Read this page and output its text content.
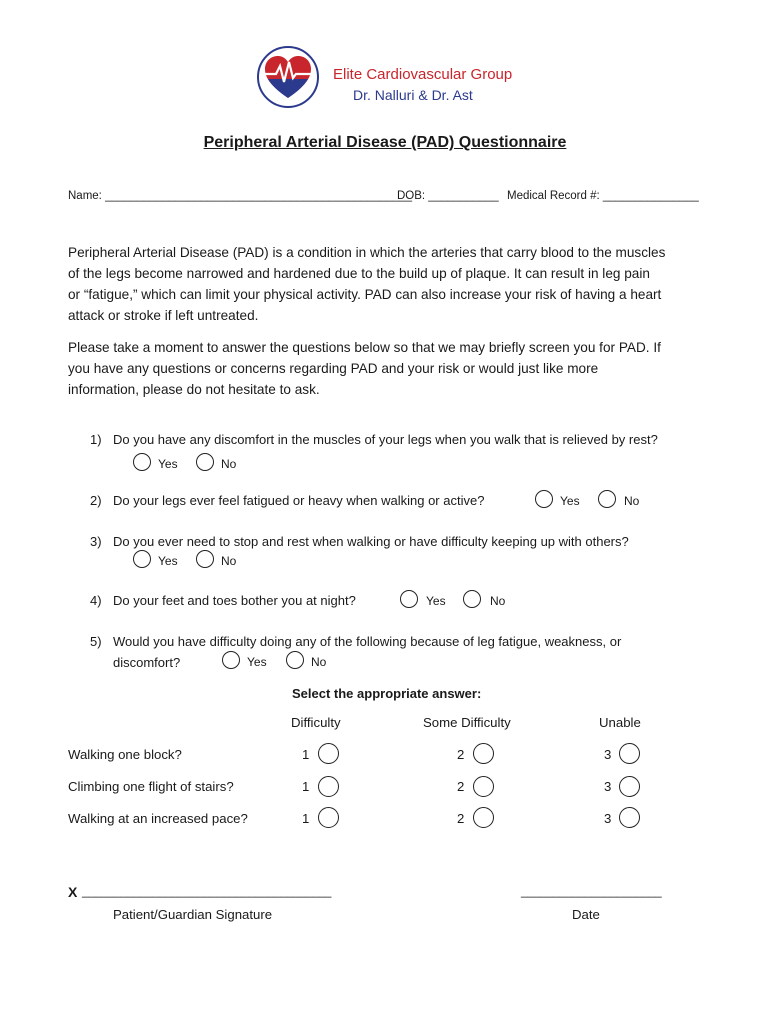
Elite Cardiovascular Group
Dr. Nalluri & Dr. Ast
Peripheral Arterial Disease (PAD) Questionnaire
Name: ________________________________________________
DOB: ___________ Medical Record #: _______________
Peripheral Arterial Disease (PAD) is a condition in which the arteries that carry blood to the muscles
of the legs become narrowed and hardened due to the build up of plaque. It can result in leg pain
or “fatigue,” which can limit your physical activity. PAD can also increase your risk of having a heart
attack or stroke if left untreated.
Please take a moment to answer the questions below so that we may briefly screen you for PAD. If
you have any questions or concerns regarding PAD and your risk or would just like more
information, please do not hesitate to ask.
1) Do you have any discomfort in the muscles of your legs when you walk that is relieved by rest?
Yes	No
2) Do your legs ever feel fatigued or heavy when walking or active?	Yes	No
3) Do you ever need to stop and rest when walking or have difficulty keeping up with others?
Yes	No
4) Do your feet and toes bother you at night?	Yes	No
5) Would you have difficulty doing any of the following because of leg fatigue, weakness, or
discomfort?	Yes	No
Select the appropriate answer:
Difficulty	Some Difficulty	Unable
Walking one block?	1	2	3
Climbing one flight of stairs?	1	2	3
Walking at an increased pace?	1	2	3
X _______________________________________
Patient/Guardian Signature
______________________
Date
